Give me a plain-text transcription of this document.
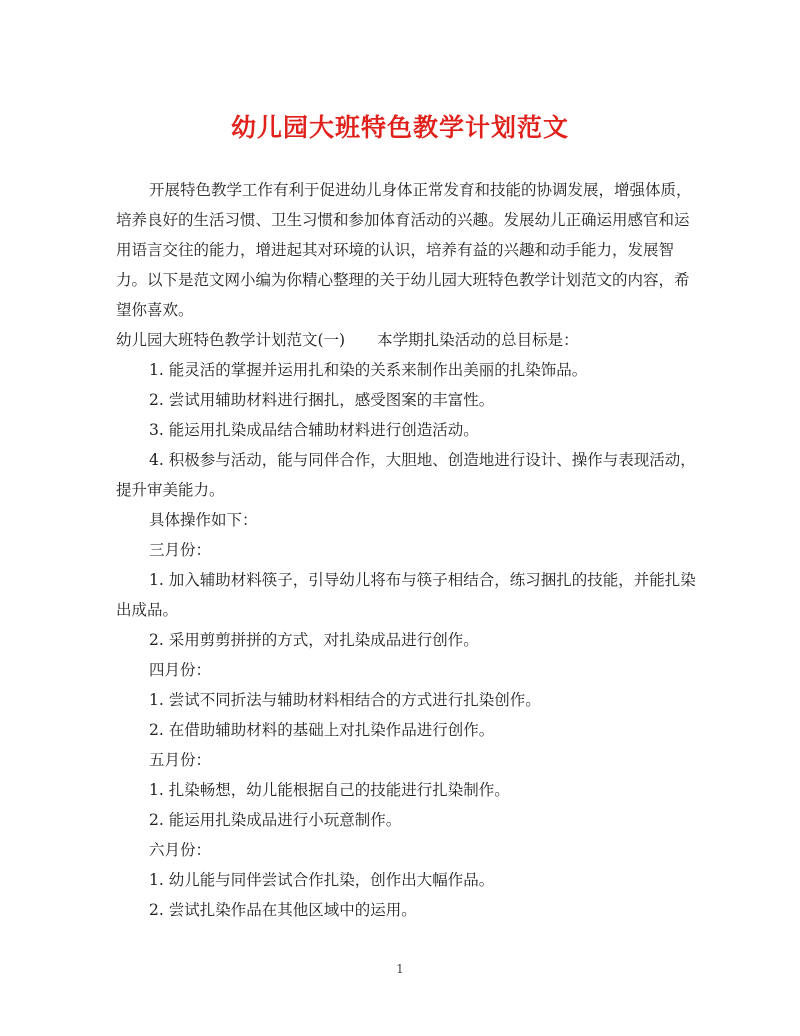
幼儿园大班特色教学计划范文

开展特色教学工作有利于促进幼儿身体正常发育和技能的协调发展，增强体质，培养良好的生活习惯、卫生习惯和参加体育活动的兴趣。发展幼儿正确运用感官和运用语言交往的能力，增进起其对环境的认识，培养有益的兴趣和动手能力，发展智力。以下是范文网小编为你精心整理的关于幼儿园大班特色教学计划范文的内容，希望你喜欢。

幼儿园大班特色教学计划范文(一) 本学期扎染活动的总目标是：

1. 能灵活的掌握并运用扎和染的关系来制作出美丽的扎染饰品。

2. 尝试用辅助材料进行捆扎，感受图案的丰富性。

3. 能运用扎染成品结合辅助材料进行创造活动。

4. 积极参与活动，能与同伴合作，大胆地、创造地进行设计、操作与表现活动，提升审美能力。

具体操作如下：

三月份：

1. 加入辅助材料筷子，引导幼儿将布与筷子相结合，练习捆扎的技能，并能扎染出成品。

2. 采用剪剪拼拼的方式，对扎染成品进行创作。

四月份：

1. 尝试不同折法与辅助材料相结合的方式进行扎染创作。

2. 在借助辅助材料的基础上对扎染作品进行创作。

五月份：

1. 扎染畅想，幼儿能根据自己的技能进行扎染制作。

2. 能运用扎染成品进行小玩意制作。

六月份：

1. 幼儿能与同伴尝试合作扎染，创作出大幅作品。

2. 尝试扎染作品在其他区域中的运用。

1
